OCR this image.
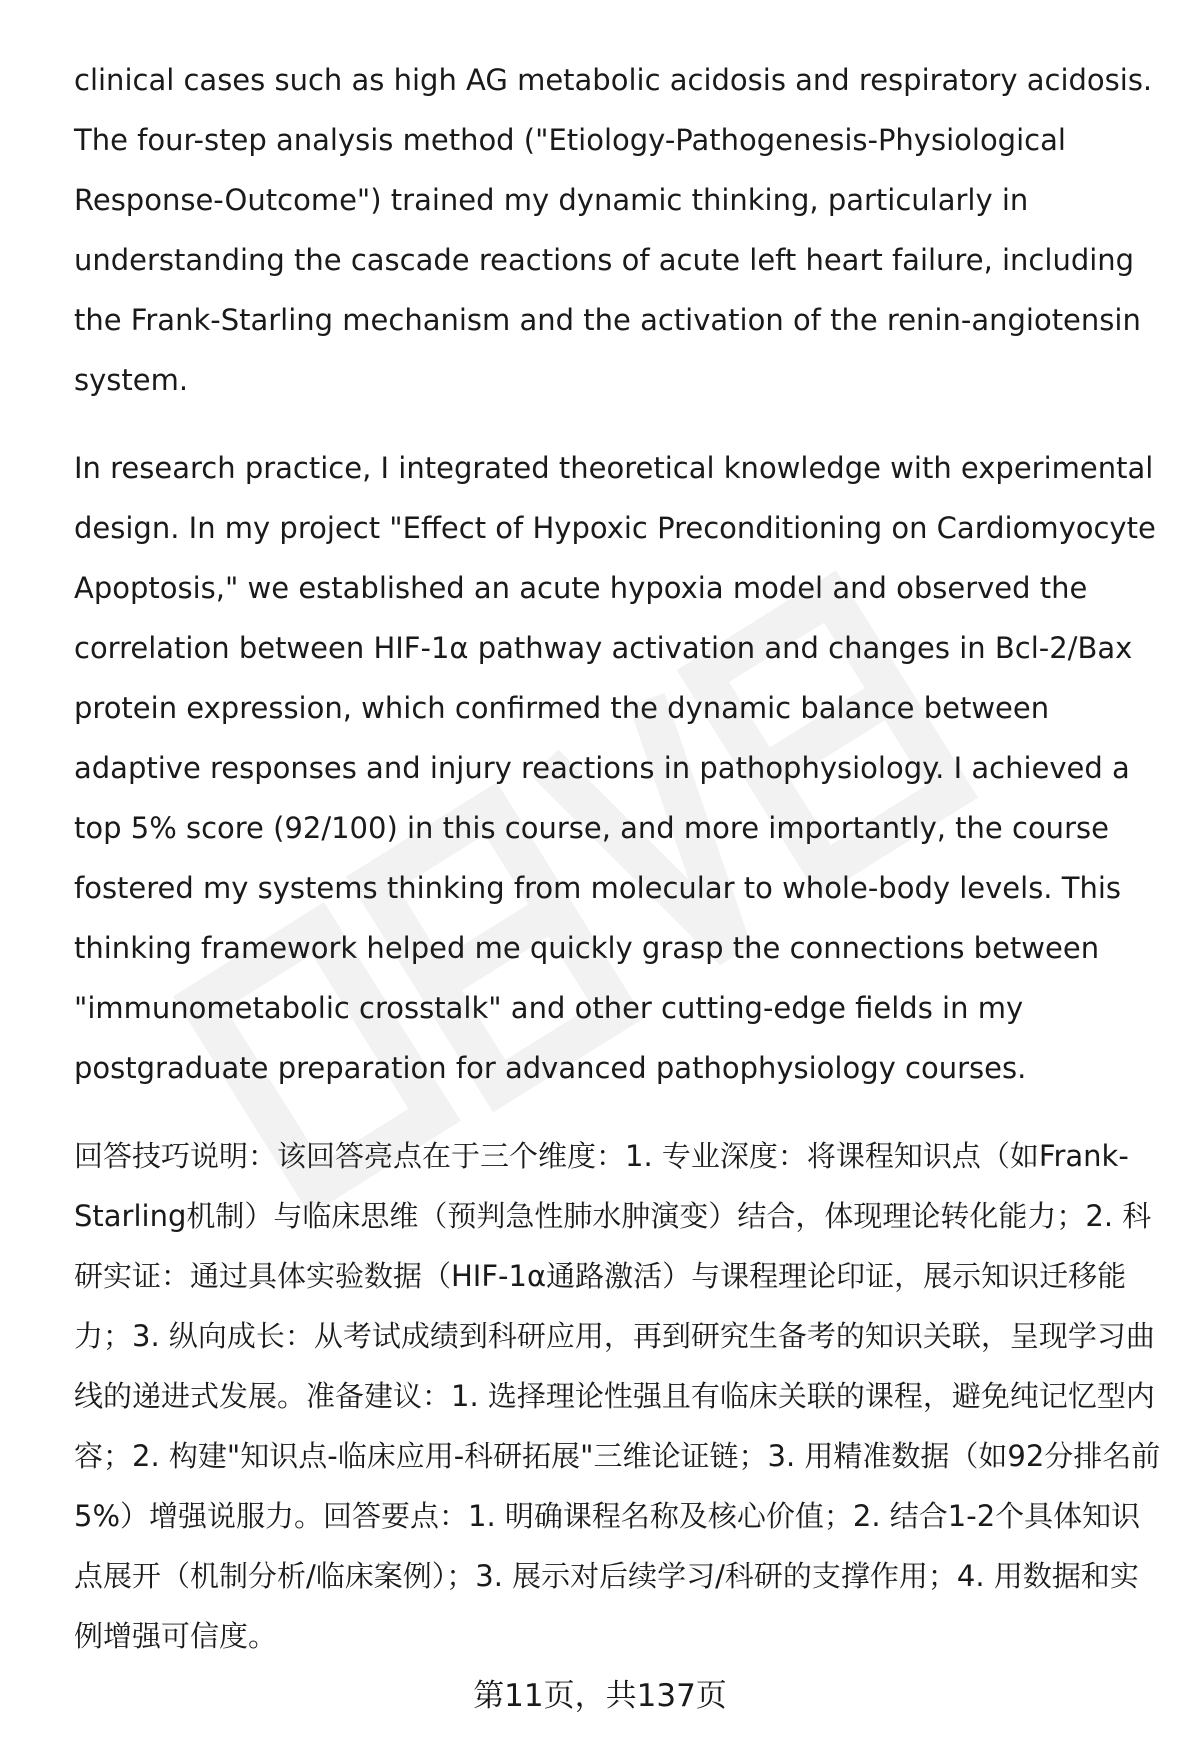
clinical cases such as high AG metabolic acidosis and respiratory acidosis. The four-step analysis method ("Etiology-Pathogenesis-Physiological Response-Outcome") trained my dynamic thinking, particularly in understanding the cascade reactions of acute left heart failure, including the Frank-Starling mechanism and the activation of the renin-angiotensin system.

In research practice, I integrated theoretical knowledge with experimental design. In my project "Effect of Hypoxic Preconditioning on Cardiomyocyte Apoptosis," we established an acute hypoxia model and observed the correlation between HIF-1α pathway activation and changes in Bcl-2/Bax protein expression, which confirmed the dynamic balance between adaptive responses and injury reactions in pathophysiology. I achieved a top 5% score (92/100) in this course, and more importantly, the course fostered my systems thinking from molecular to whole-body levels. This thinking framework helped me quickly grasp the connections between "immunometabolic crosstalk" and other cutting-edge fields in my postgraduate preparation for advanced pathophysiology courses.

回答技巧说明：该回答亮点在于三个维度：1. 专业深度：将课程知识点（如Frank-Starling机制）与临床思维（预判急性肺水肿演变）结合，体现理论转化能力；2. 科研实证：通过具体实验数据（HIF-1α通路激活）与课程理论印证，展示知识迁移能力；3. 纵向成长：从考试成绩到科研应用，再到研究生备考的知识关联，呈现学习曲线的递进式发展。准备建议：1. 选择理论性强且有临床关联的课程，避免纯记忆型内容；2. 构建"知识点-临床应用-科研拓展"三维论证链；3. 用精准数据（如92分排名前5%）增强说服力。回答要点：1. 明确课程名称及核心价值；2. 结合1-2个具体知识点展开（机制分析/临床案例）；3. 展示对后续学习/科研的支撑作用；4. 用数据和实例增强可信度。

第11页，共137页
